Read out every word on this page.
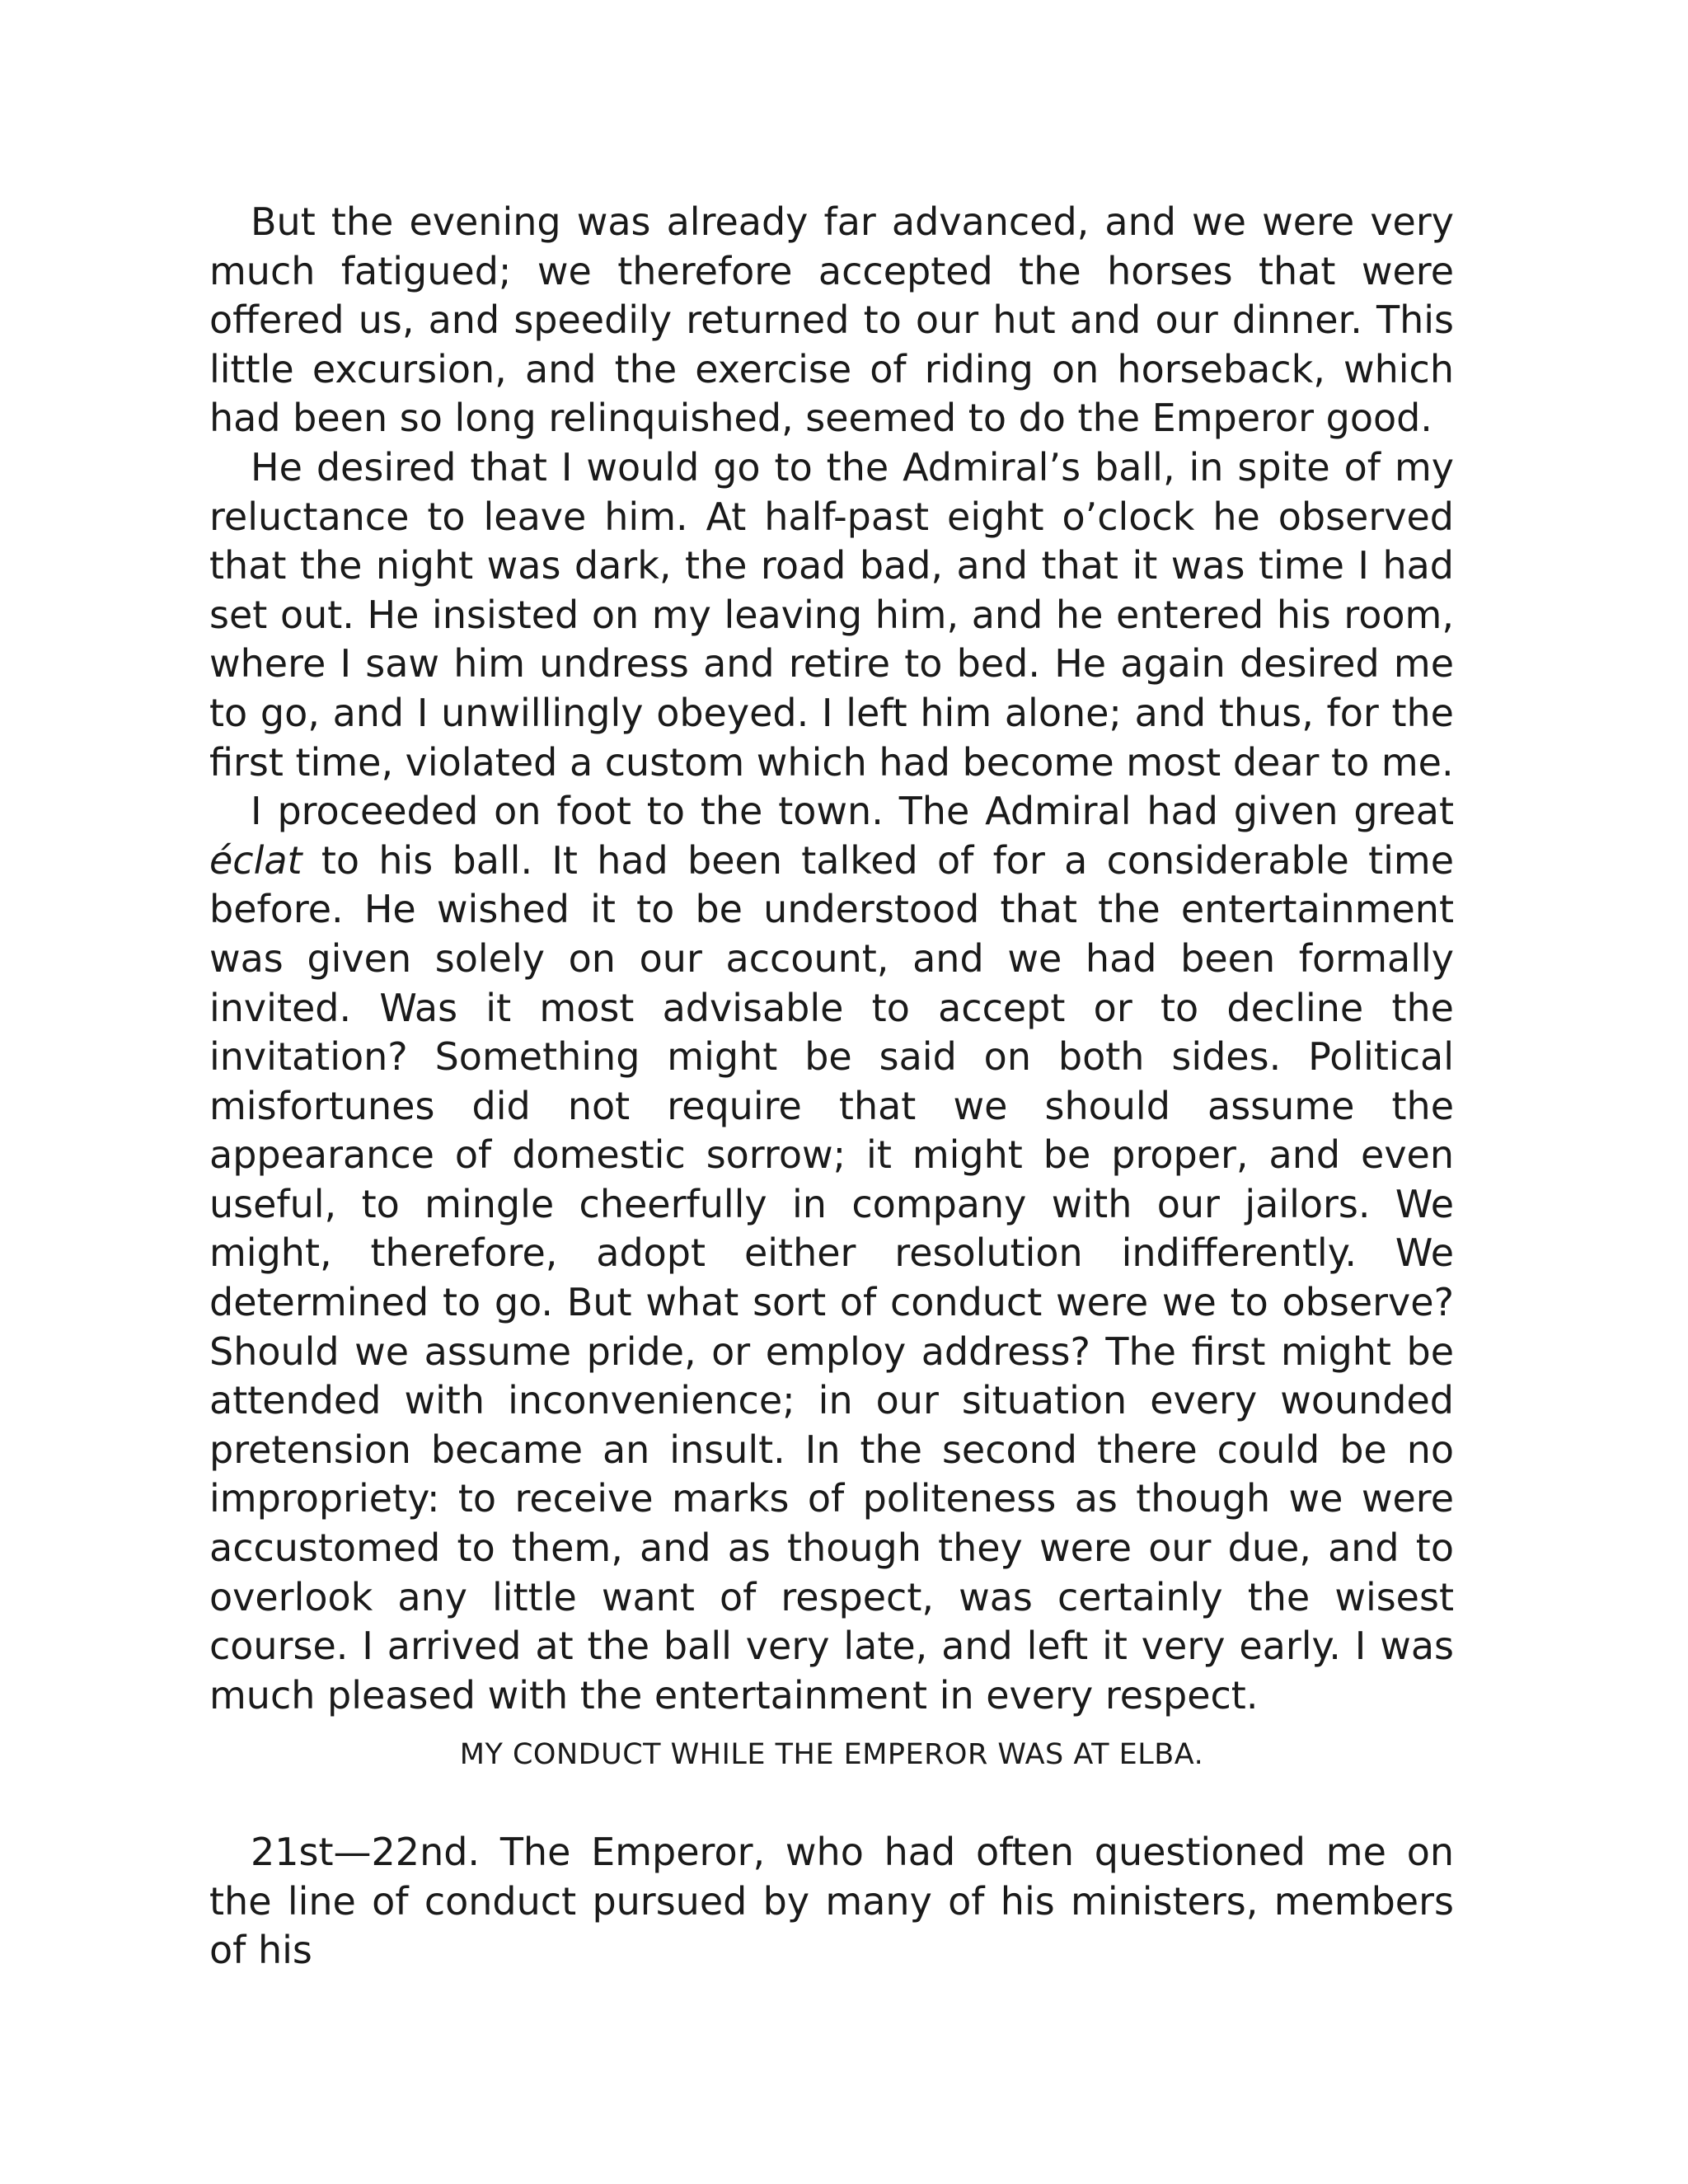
But the evening was already far advanced, and we were very much fatigued; we therefore accepted the horses that were offered us, and speedily returned to our hut and our dinner. This little excursion, and the exercise of riding on horseback, which had been so long relinquished, seemed to do the Emperor good.

He desired that I would go to the Admiral’s ball, in spite of my reluctance to leave him. At half-past eight o’clock he observed that the night was dark, the road bad, and that it was time I had set out. He insisted on my leaving him, and he entered his room, where I saw him undress and retire to bed. He again desired me to go, and I unwillingly obeyed. I left him alone; and thus, for the first time, violated a custom which had become most dear to me.

I proceeded on foot to the town. The Admiral had given great éclat to his ball. It had been talked of for a considerable time before. He wished it to be understood that the entertainment was given solely on our account, and we had been formally invited. Was it most advisable to accept or to decline the invitation? Something might be said on both sides. Political misfortunes did not require that we should assume the appearance of domestic sorrow; it might be proper, and even useful, to mingle cheerfully in company with our jailors. We might, therefore, adopt either resolution indifferently. We determined to go. But what sort of conduct were we to observe? Should we assume pride, or employ address? The first might be attended with inconvenience; in our situation every wounded pretension became an insult. In the second there could be no impropriety: to receive marks of politeness as though we were accustomed to them, and as though they were our due, and to overlook any little want of respect, was certainly the wisest course. I arrived at the ball very late, and left it very early. I was much pleased with the entertainment in every respect.

MY CONDUCT WHILE THE EMPEROR WAS AT ELBA.

21st—22nd. The Emperor, who had often questioned me on the line of conduct pursued by many of his ministers, members of his
